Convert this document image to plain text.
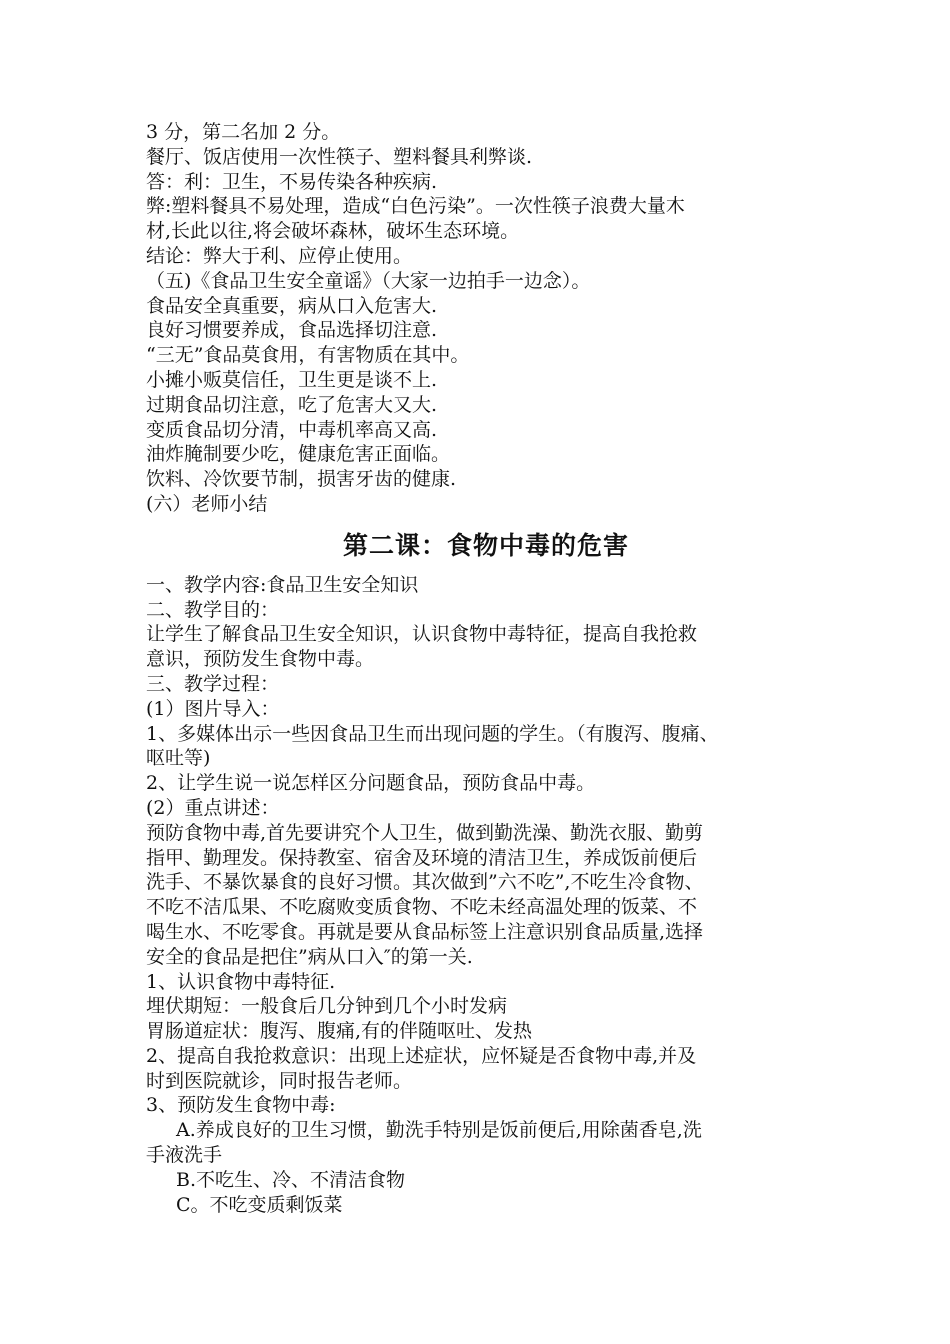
3 分，第二名加 2 分。

餐厅、饭店使用一次性筷子、塑料餐具利弊谈.

答：利：卫生，不易传染各种疾病.

弊:塑料餐具不易处理，造成“白色污染”。一次性筷子浪费大量木

材,长此以往,将会破坏森林，破坏生态环境。

结论：弊大于利、应停止使用。

（五)《食品卫生安全童谣》（大家一边拍手一边念）。

食品安全真重要，病从口入危害大.

良好习惯要养成，食品选择切注意.

“三无”食品莫食用，有害物质在其中。

小摊小贩莫信任，卫生更是谈不上.

过期食品切注意，吃了危害大又大.

变质食品切分清，中毒机率高又高.

油炸腌制要少吃，健康危害正面临。

饮料、冷饮要节制，损害牙齿的健康.

(六）老师小结

第二课：食物中毒的危害

一、教学内容:食品卫生安全知识

二、教学目的：

让学生了解食品卫生安全知识，认识食物中毒特征，提高自我抢救

意识，预防发生食物中毒。

三、教学过程：

(1）图片导入：

1、多媒体出示一些因食品卫生而出现问题的学生。（有腹泻、腹痛、

呕吐等)

2、让学生说一说怎样区分问题食品，预防食品中毒。

(2）重点讲述：

预防食物中毒,首先要讲究个人卫生，做到勤洗澡、勤洗衣服、勤剪

指甲、勤理发。保持教室、宿舍及环境的清洁卫生，养成饭前便后

洗手、不暴饮暴食的良好习惯。其次做到”六不吃”,不吃生冷食物、

不吃不洁瓜果、不吃腐败变质食物、不吃未经高温处理的饭菜、不

喝生水、不吃零食。再就是要从食品标签上注意识别食品质量,选择

安全的食品是把住”病从口入″的第一关.

1、认识食物中毒特征.

埋伏期短：一般食后几分钟到几个小时发病

胃肠道症状：腹泻、腹痛,有的伴随呕吐、发热

2、提高自我抢救意识：出现上述症状，应怀疑是否食物中毒,并及

时到医院就诊，同时报告老师。

3、预防发生食物中毒:

A.养成良好的卫生习惯，勤洗手特别是饭前便后,用除菌香皂,洗

手液洗手

B.不吃生、冷、不清洁食物

C。不吃变质剩饭菜
